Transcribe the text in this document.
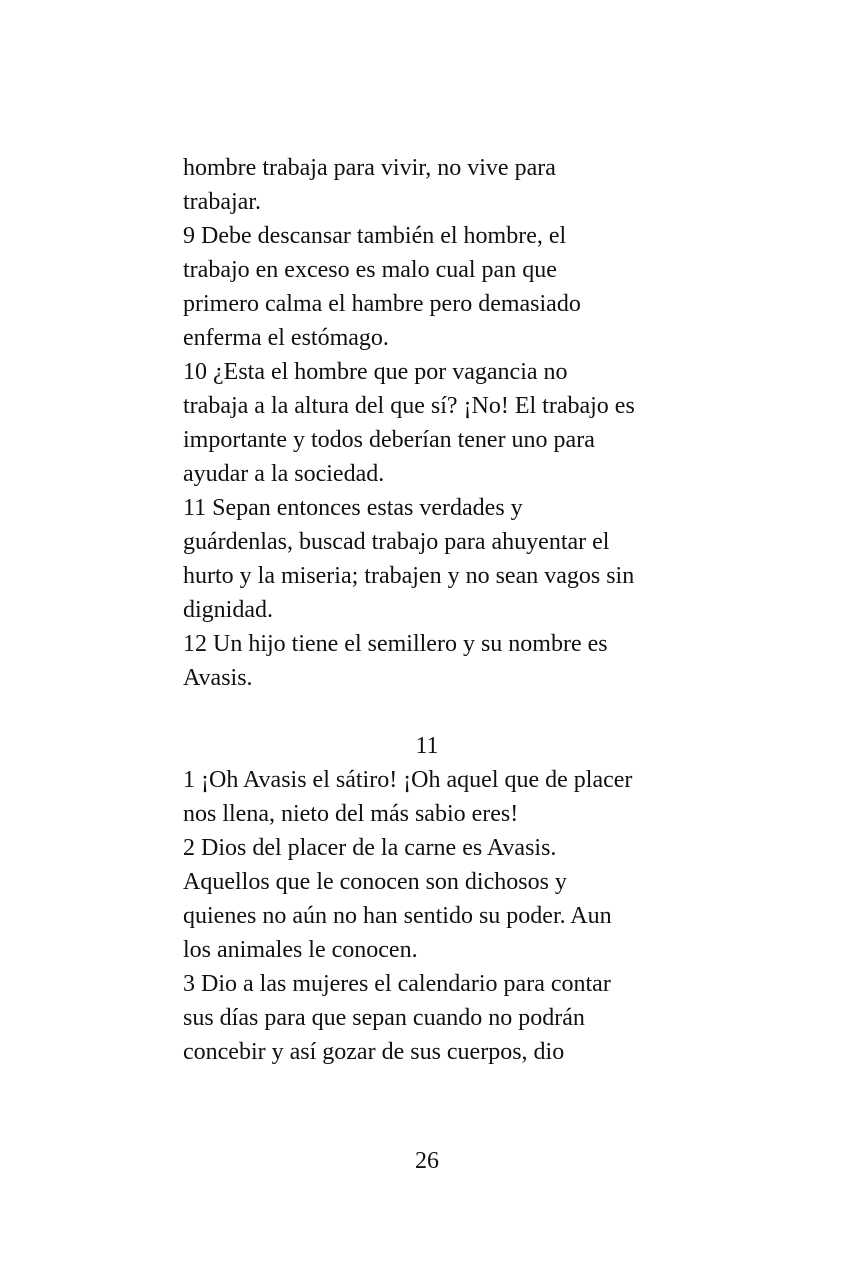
hombre trabaja para vivir, no vive para
trabajar.
9 Debe descansar también el hombre, el
trabajo en exceso es malo cual pan que
primero calma el hambre pero demasiado
enferma el estómago.
10 ¿Esta el hombre que por vagancia no
trabaja a la altura del que sí? ¡No! El trabajo es
importante y todos deberían tener uno para
ayudar a la sociedad.
11 Sepan entonces estas verdades y
guárdenlas, buscad trabajo para ahuyentar el
hurto y la miseria; trabajen y no sean vagos sin
dignidad.
12 Un hijo tiene el semillero y su nombre es
Avasis.
11
1 ¡Oh Avasis el sátiro! ¡Oh aquel que de placer
nos llena, nieto del más sabio eres!
2 Dios del placer de la carne es Avasis.
Aquellos que le conocen son dichosos y
quienes no aún no han sentido su poder. Aun
los animales le conocen.
3 Dio a las mujeres el calendario para contar
sus días para que sepan cuando no podrán
concebir y así gozar de sus cuerpos, dio
26
